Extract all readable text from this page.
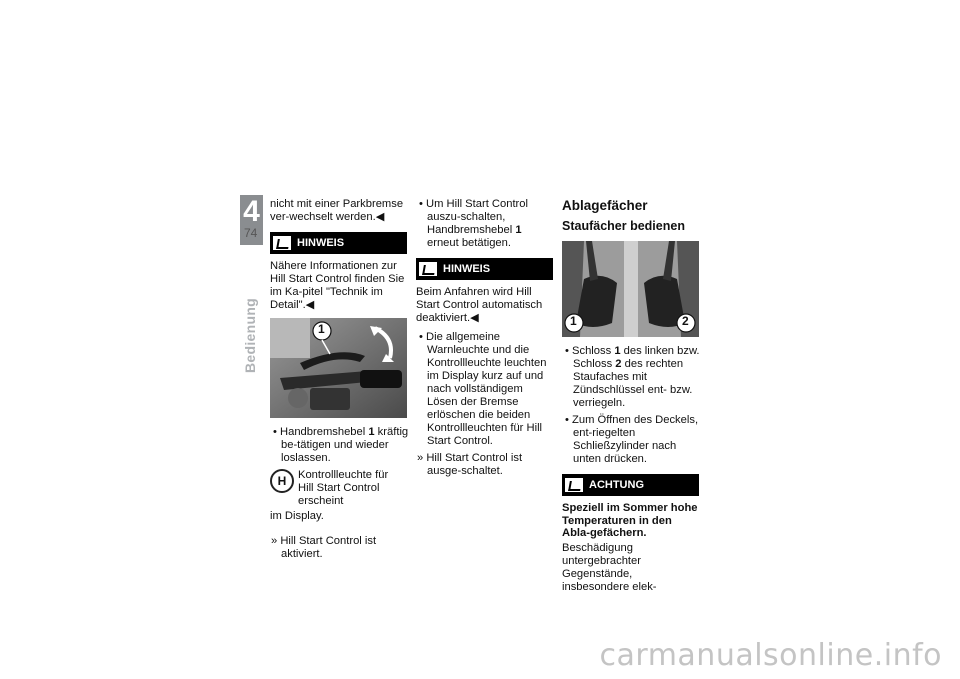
4
74
Bedienung

nicht mit einer Parkbremse ver-wechselt werden.◀

HINWEIS

Nähere Informationen zur Hill Start Control finden Sie im Ka-pitel "Technik im Detail".◀

1

• Handbremshebel 1 kräftig be-tätigen und wieder loslassen.

H	Kontrollleuchte für
Hill Start Control erscheint

im Display.

» Hill Start Control ist aktiviert.

• Um Hill Start Control auszu-schalten, Handbremshebel 1 erneut betätigen.

HINWEIS

Beim Anfahren wird Hill Start Control automatisch deaktiviert.◀

• Die allgemeine Warnleuchte und die Kontrollleuchte leuchten im Display kurz auf und nach vollständigem Lösen der Bremse erlöschen die beiden Kontrollleuchten für Hill Start Control.

» Hill Start Control ist ausge-schaltet.

Ablagefächer
Staufächer bedienen
1	2

• Schloss 1 des linken bzw. Schloss 2 des rechten Staufaches mit Zündschlüssel ent- bzw. verriegeln.

• Zum Öffnen des Deckels, ent-riegelten Schließzylinder nach unten drücken.

ACHTUNG
Speziell im Sommer hohe Temperaturen in den Abla-gefächern.

Beschädigung untergebrachter Gegenstände, insbesondere elek-

carmanualsonline.info
